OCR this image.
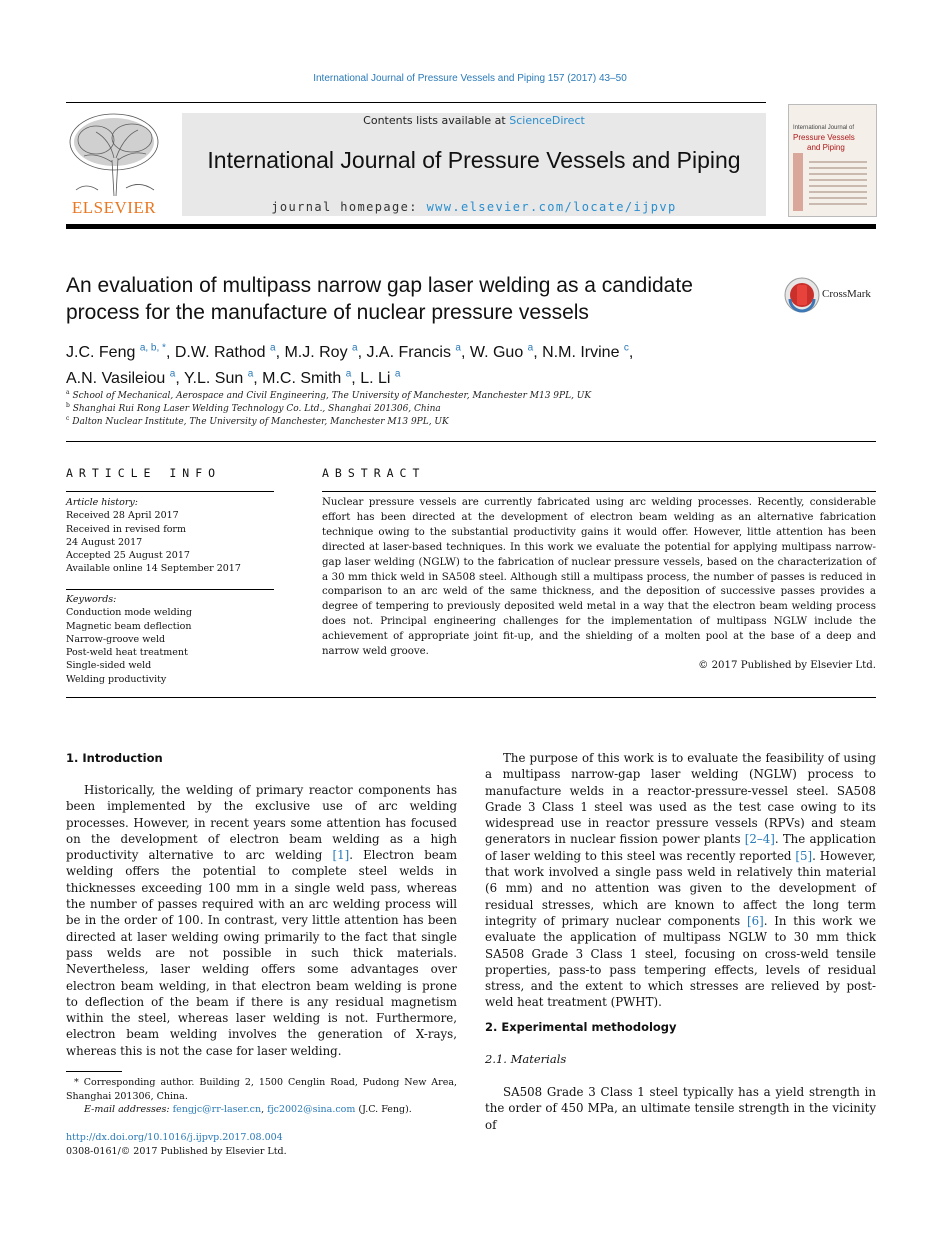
International Journal of Pressure Vessels and Piping 157 (2017) 43–50
ELSEVIER
Contents lists available at ScienceDirect
International Journal of Pressure Vessels and Piping
journal homepage: www.elsevier.com/locate/ijpvp
International Journal of
Pressure Vessels
and Piping
An evaluation of multipass narrow gap laser welding as a candidate process for the manufacture of nuclear pressure vessels
CrossMark
J.C. Feng $^{a, b, *}$, D.W. Rathod $^a$, M.J. Roy $^a$, J.A. Francis $^a$, W. Guo $^a$, N.M. Irvine $^c$,
A.N. Vasileiou $^a$, Y.L. Sun $^a$, M.C. Smith $^a$, L. Li $^a$
$^a$ School of Mechanical, Aerospace and Civil Engineering, The University of Manchester, Manchester M13 9PL, UK
$^b$ Shanghai Rui Rong Laser Welding Technology Co. Ltd., Shanghai 201306, China
$^c$ Dalton Nuclear Institute, The University of Manchester, Manchester M13 9PL, UK
ARTICLE INFO
Article history:
Received 28 April 2017
Received in revised form
24 August 2017
Accepted 25 August 2017
Available online 14 September 2017
Keywords:
Conduction mode welding
Magnetic beam deflection
Narrow-groove weld
Post-weld heat treatment
Single-sided weld
Welding productivity
ABSTRACT
Nuclear pressure vessels are currently fabricated using arc welding processes. Recently, considerable effort has been directed at the development of electron beam welding as an alternative fabrication technique owing to the substantial productivity gains it would offer. However, little attention has been directed at laser-based techniques. In this work we evaluate the potential for applying multipass narrow-gap laser welding (NGLW) to the fabrication of nuclear pressure vessels, based on the characterization of a 30 mm thick weld in SA508 steel. Although still a multipass process, the number of passes is reduced in comparison to an arc weld of the same thickness, and the deposition of successive passes provides a degree of tempering to previously deposited weld metal in a way that the electron beam welding process does not. Principal engineering challenges for the implementation of multipass NGLW include the achievement of appropriate joint fit-up, and the shielding of a molten pool at the base of a deep and narrow weld groove.
© 2017 Published by Elsevier Ltd.
1. Introduction

Historically, the welding of primary reactor components has been implemented by the exclusive use of arc welding processes. However, in recent years some attention has focused on the development of electron beam welding as a high productivity alternative to arc welding [1]. Electron beam welding offers the potential to complete steel welds in thicknesses exceeding 100 mm in a single weld pass, whereas the number of passes required with an arc welding process will be in the order of 100. In contrast, very little attention has been directed at laser welding owing primarily to the fact that single pass welds are not possible in such thick materials. Nevertheless, laser welding offers some advantages over electron beam welding, in that electron beam welding is prone to deflection of the beam if there is any residual magnetism within the steel, whereas laser welding is not. Furthermore, electron beam welding involves the generation of X-rays, whereas this is not the case for laser welding.

* Corresponding author. Building 2, 1500 Cenglin Road, Pudong New Area, Shanghai 201306, China.
E-mail addresses: fengjc@rr-laser.cn, fjc2002@sina.com (J.C. Feng).
http://dx.doi.org/10.1016/j.ijpvp.2017.08.004
0308-0161/© 2017 Published by Elsevier Ltd.

The purpose of this work is to evaluate the feasibility of using a multipass narrow-gap laser welding (NGLW) process to manufacture welds in a reactor-pressure-vessel steel. SA508 Grade 3 Class 1 steel was used as the test case owing to its widespread use in reactor pressure vessels (RPVs) and steam generators in nuclear fission power plants [2–4]. The application of laser welding to this steel was recently reported [5]. However, that work involved a single pass weld in relatively thin material (6 mm) and no attention was given to the development of residual stresses, which are known to affect the long term integrity of primary nuclear components [6]. In this work we evaluate the application of multipass NGLW to 30 mm thick SA508 Grade 3 Class 1 steel, focusing on cross-weld tensile properties, pass-to pass tempering effects, levels of residual stress, and the extent to which stresses are relieved by post-weld heat treatment (PWHT).

2. Experimental methodology
2.1. Materials

SA508 Grade 3 Class 1 steel typically has a yield strength in the order of 450 MPa, an ultimate tensile strength in the vicinity of
